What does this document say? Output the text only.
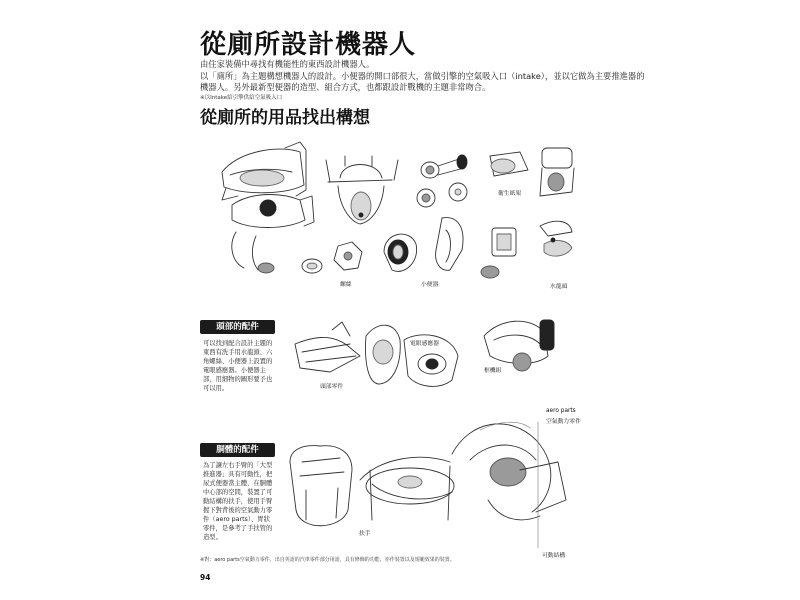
從廁所設計機器人
由住家裝備中尋找有機能性的東西設計機器人。
以「廁所」為主題構想機器人的設計。小便器的開口部很大，當做引擎的空氣吸入口（intake），並以它做為主要推進器的
機器人。另外最新型便器的造型、組合方式，也都跟設計戰機的主題非常吻合。
※以Intake給引擎供給空氣吸入口
從廁所的用品找出構想
衛生紙架
水龍頭
螺絲	小便器
頭部零件
電眼感應器
框機組
aero parts
空氣動力零件
扶手
可動結構
頭部的配件
可以找到配合設計主題的
東西有洗手用水龍頭、六
角螺絲、小便器上設置的
電眼感應器。小便器主
部，用細物的圖形要予也
可以用。
胴體的配件
為了讓左右手臂的「大型
推進器」具有可動性，把
尿式便器當主體，在胴體
中心部的空間，裝置了可
動結構的扶手，使用手臂
握下對背後的空氣動力零
件（aero parts）、胃狀
零件，是參考了手扶管的
造型。
※對：aero parts空氣動力零件，出自英語的汽車零件部分用語，具有修飾的功能、亦作裝置以及規範效果的裝置。
94
